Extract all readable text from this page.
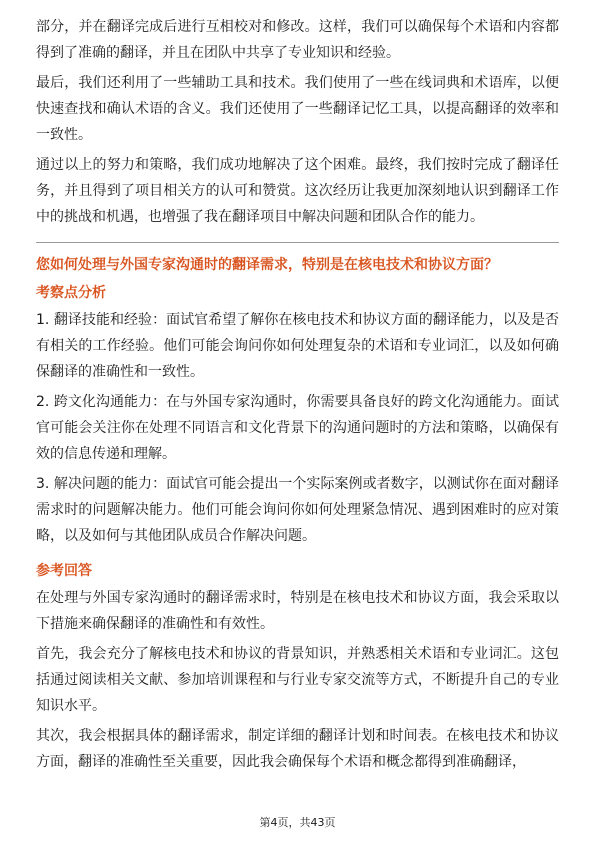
部分，并在翻译完成后进行互相校对和修改。这样，我们可以确保每个术语和内容都得到了准确的翻译，并且在团队中共享了专业知识和经验。

最后，我们还利用了一些辅助工具和技术。我们使用了一些在线词典和术语库，以便快速查找和确认术语的含义。我们还使用了一些翻译记忆工具，以提高翻译的效率和一致性。

通过以上的努力和策略，我们成功地解决了这个困难。最终，我们按时完成了翻译任务，并且得到了项目相关方的认可和赞赏。这次经历让我更加深刻地认识到翻译工作中的挑战和机遇，也增强了我在翻译项目中解决问题和团队合作的能力。

您如何处理与外国专家沟通时的翻译需求，特别是在核电技术和协议方面？

考察点分析

1. 翻译技能和经验：面试官希望了解你在核电技术和协议方面的翻译能力，以及是否有相关的工作经验。他们可能会询问你如何处理复杂的术语和专业词汇，以及如何确保翻译的准确性和一致性。

2. 跨文化沟通能力：在与外国专家沟通时，你需要具备良好的跨文化沟通能力。面试官可能会关注你在处理不同语言和文化背景下的沟通问题时的方法和策略，以确保有效的信息传递和理解。

3. 解决问题的能力：面试官可能会提出一个实际案例或者数字，以测试你在面对翻译需求时的问题解决能力。他们可能会询问你如何处理紧急情况、遇到困难时的应对策略，以及如何与其他团队成员合作解决问题。

参考回答

在处理与外国专家沟通时的翻译需求时，特别是在核电技术和协议方面，我会采取以下措施来确保翻译的准确性和有效性。

首先，我会充分了解核电技术和协议的背景知识，并熟悉相关术语和专业词汇。这包括通过阅读相关文献、参加培训课程和与行业专家交流等方式，不断提升自己的专业知识水平。

其次，我会根据具体的翻译需求，制定详细的翻译计划和时间表。在核电技术和协议方面，翻译的准确性至关重要，因此我会确保每个术语和概念都得到准确翻译，

第4页，共43页
